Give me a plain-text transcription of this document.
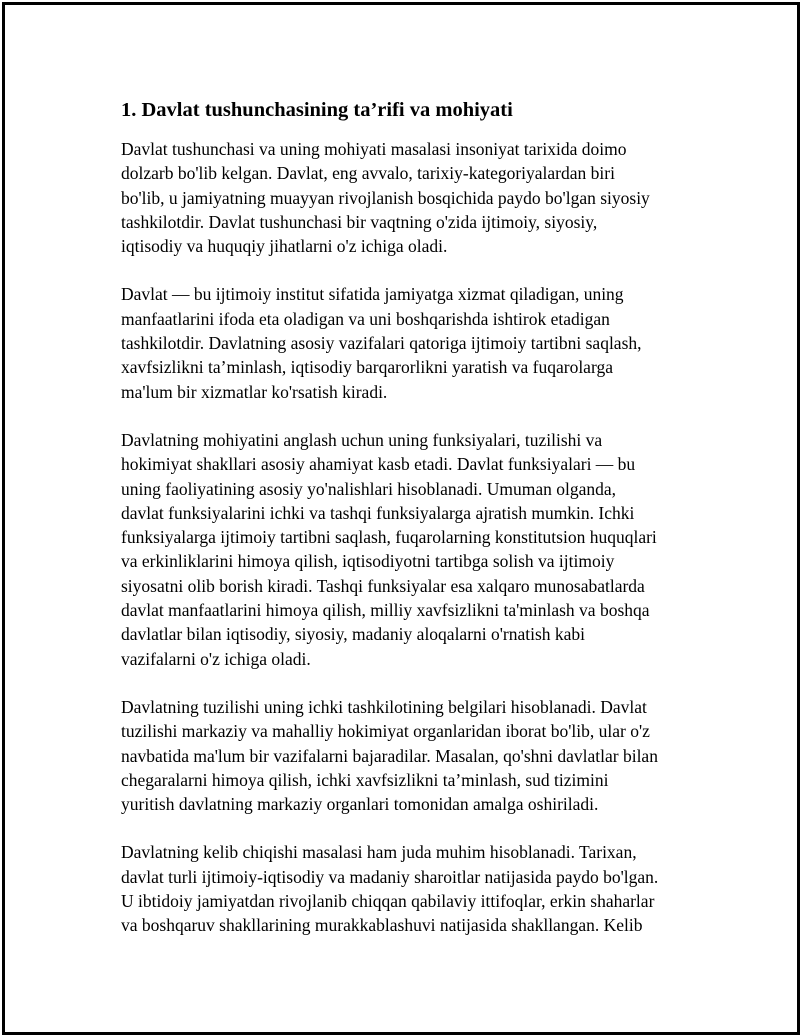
1. Davlat tushunchasining ta’rifi va mohiyati

Davlat tushunchasi va uning mohiyati masalasi insoniyat tarixida doimo
dolzarb bo'lib kelgan. Davlat, eng avvalo, tarixiy-kategoriyalardan biri
bo'lib, u jamiyatning muayyan rivojlanish bosqichida paydo bo'lgan siyosiy
tashkilotdir. Davlat tushunchasi bir vaqtning o'zida ijtimoiy, siyosiy,
iqtisodiy va huquqiy jihatlarni o'z ichiga oladi.

Davlat — bu ijtimoiy institut sifatida jamiyatga xizmat qiladigan, uning
manfaatlarini ifoda eta oladigan va uni boshqarishda ishtirok etadigan
tashkilotdir. Davlatning asosiy vazifalari qatoriga ijtimoiy tartibni saqlash,
xavfsizlikni ta’minlash, iqtisodiy barqarorlikni yaratish va fuqarolarga
ma'lum bir xizmatlar ko'rsatish kiradi.

Davlatning mohiyatini anglash uchun uning funksiyalari, tuzilishi va
hokimiyat shakllari asosiy ahamiyat kasb etadi. Davlat funksiyalari — bu
uning faoliyatining asosiy yo'nalishlari hisoblanadi. Umuman olganda,
davlat funksiyalarini ichki va tashqi funksiyalarga ajratish mumkin. Ichki
funksiyalarga ijtimoiy tartibni saqlash, fuqarolarning konstitutsion huquqlari
va erkinliklarini himoya qilish, iqtisodiyotni tartibga solish va ijtimoiy
siyosatni olib borish kiradi. Tashqi funksiyalar esa xalqaro munosabatlarda
davlat manfaatlarini himoya qilish, milliy xavfsizlikni ta'minlash va boshqa
davlatlar bilan iqtisodiy, siyosiy, madaniy aloqalarni o'rnatish kabi
vazifalarni o'z ichiga oladi.

Davlatning tuzilishi uning ichki tashkilotining belgilari hisoblanadi. Davlat
tuzilishi markaziy va mahalliy hokimiyat organlaridan iborat bo'lib, ular o'z
navbatida ma'lum bir vazifalarni bajaradilar. Masalan, qo'shni davlatlar bilan
chegaralarni himoya qilish, ichki xavfsizlikni ta’minlash, sud tizimini
yuritish davlatning markaziy organlari tomonidan amalga oshiriladi.

Davlatning kelib chiqishi masalasi ham juda muhim hisoblanadi. Tarixan,
davlat turli ijtimoiy-iqtisodiy va madaniy sharoitlar natijasida paydo bo'lgan.
U ibtidoiy jamiyatdan rivojlanib chiqqan qabilaviy ittifoqlar, erkin shaharlar
va boshqaruv shakllarining murakkablashuvi natijasida shakllangan. Kelib
